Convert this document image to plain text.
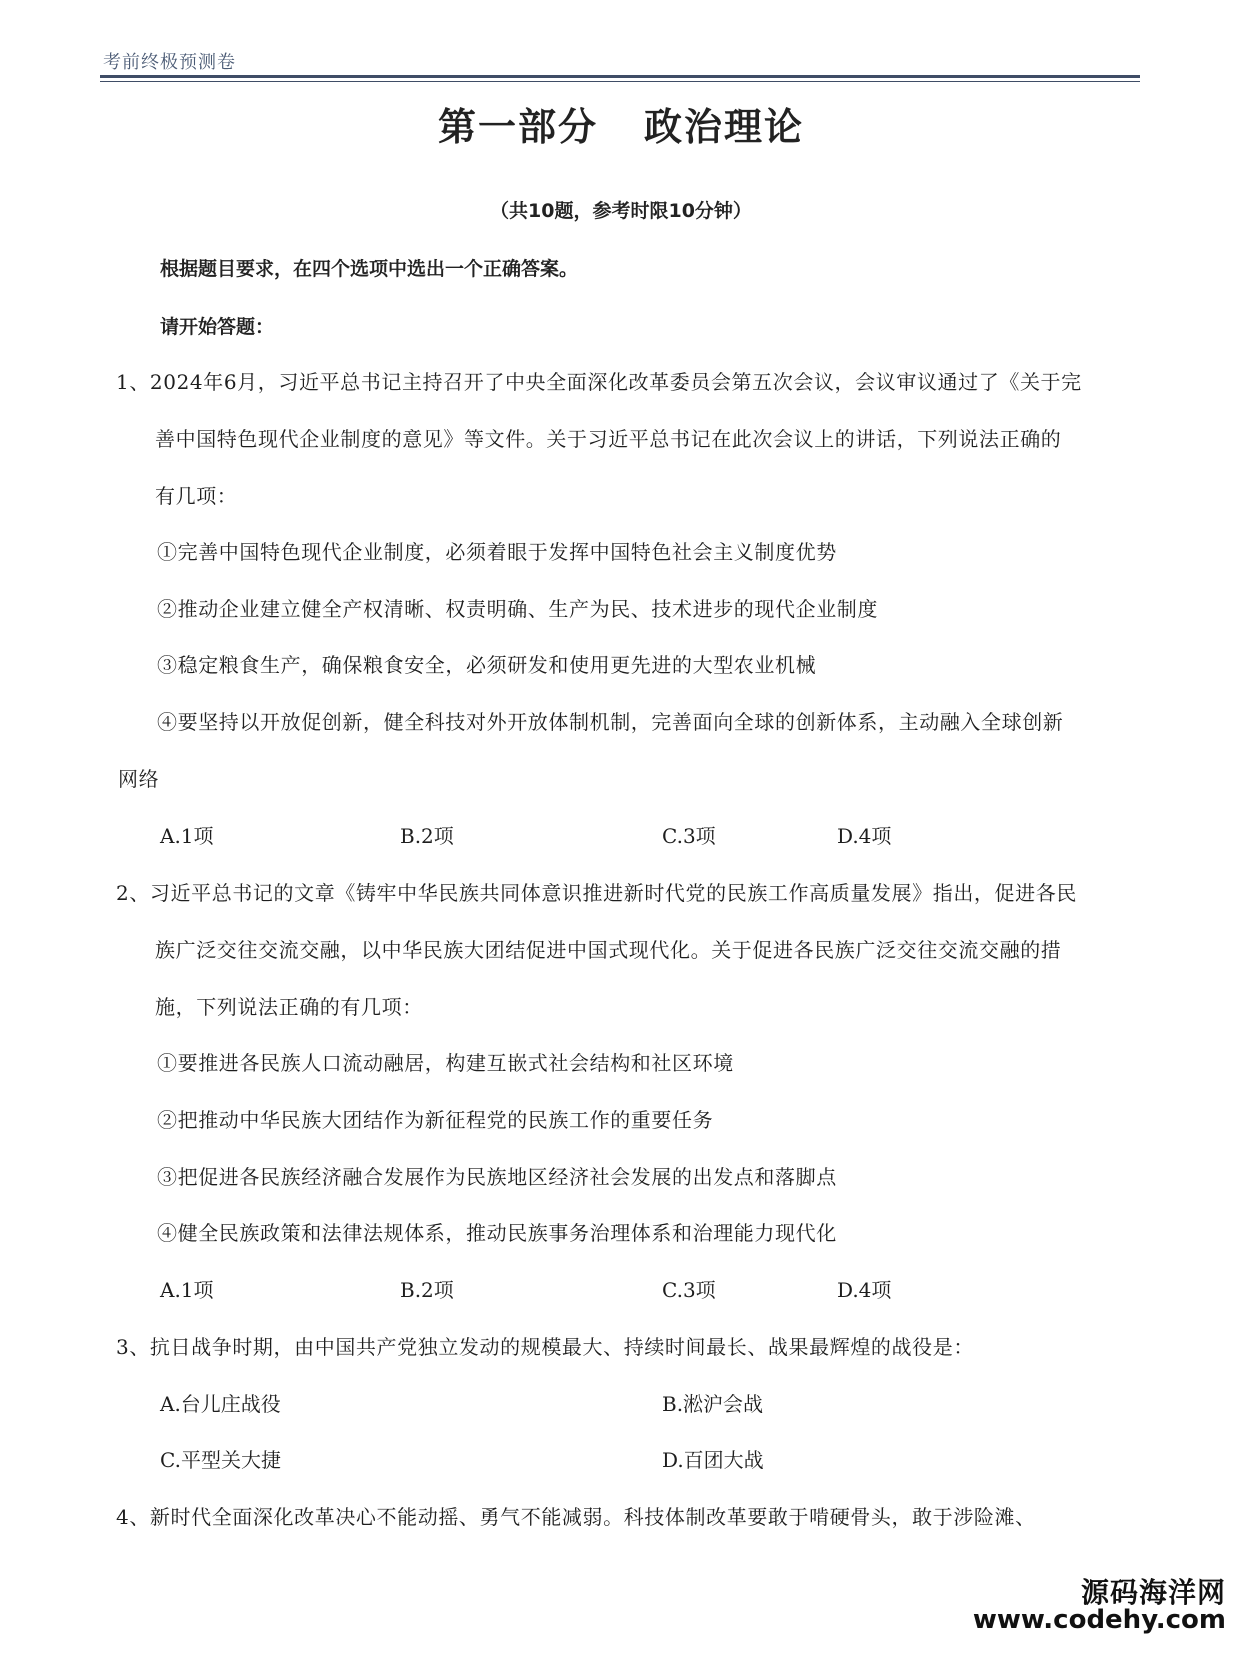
考前终极预测卷
第一部分 政治理论
（共10题，参考时限10分钟）
根据题目要求，在四个选项中选出一个正确答案。
请开始答题：
1、2024年6月，习近平总书记主持召开了中央全面深化改革委员会第五次会议，会议审议通过了《关于完
善中国特色现代企业制度的意见》等文件。关于习近平总书记在此次会议上的讲话，下列说法正确的
有几项：
①完善中国特色现代企业制度，必须着眼于发挥中国特色社会主义制度优势
②推动企业建立健全产权清晰、权责明确、生产为民、技术进步的现代企业制度
③稳定粮食生产，确保粮食安全，必须研发和使用更先进的大型农业机械
④要坚持以开放促创新，健全科技对外开放体制机制，完善面向全球的创新体系，主动融入全球创新
网络
A.1项	B.2项	C.3项	D.4项
2、习近平总书记的文章《铸牢中华民族共同体意识推进新时代党的民族工作高质量发展》指出，促进各民
族广泛交往交流交融，以中华民族大团结促进中国式现代化。关于促进各民族广泛交往交流交融的措
施，下列说法正确的有几项：
①要推进各民族人口流动融居，构建互嵌式社会结构和社区环境
②把推动中华民族大团结作为新征程党的民族工作的重要任务
③把促进各民族经济融合发展作为民族地区经济社会发展的出发点和落脚点
④健全民族政策和法律法规体系，推动民族事务治理体系和治理能力现代化
A.1项	B.2项	C.3项	D.4项
3、抗日战争时期，由中国共产党独立发动的规模最大、持续时间最长、战果最辉煌的战役是：
A.台儿庄战役	B.淞沪会战
C.平型关大捷	D.百团大战
4、新时代全面深化改革决心不能动摇、勇气不能减弱。科技体制改革要敢于啃硬骨头，敢于涉险滩、
源码海洋网
www.codehy.com
